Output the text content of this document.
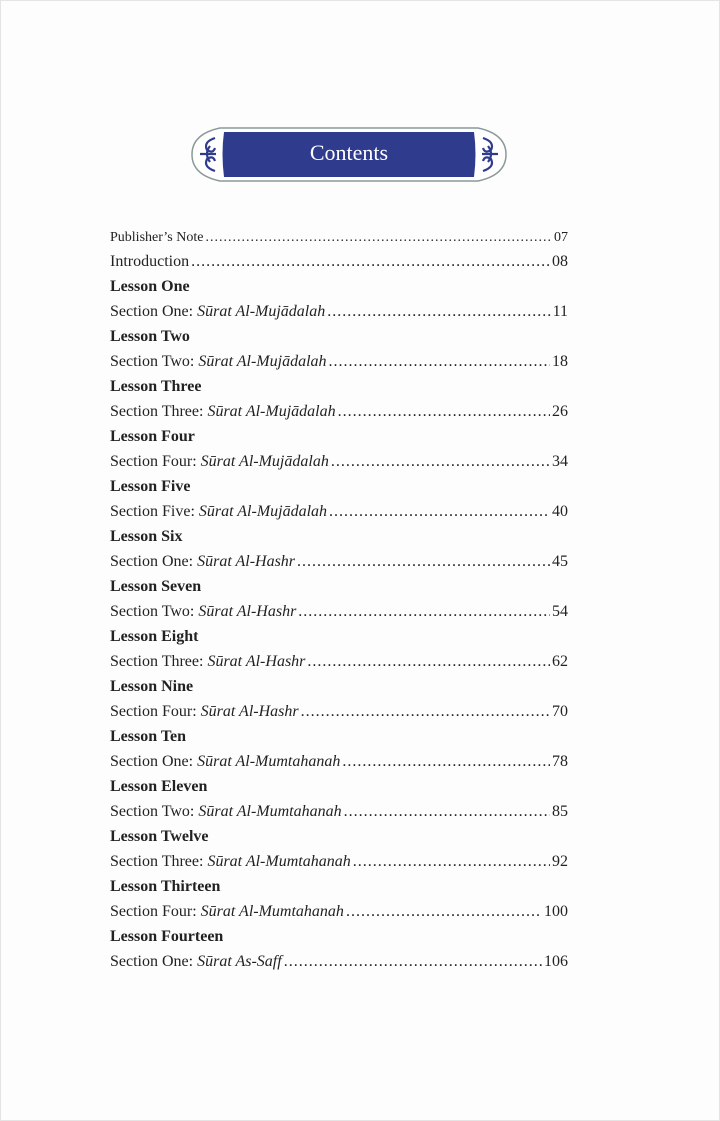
Contents
Publisher’s Note .....	07
Introduction .....	08
Lesson One
Section One: Sūrat Al-Mujādalah .....	11
Lesson Two
Section Two: Sūrat Al-Mujādalah .....	18
Lesson Three
Section Three: Sūrat Al-Mujādalah .....	26
Lesson Four
Section Four: Sūrat Al-Mujādalah .....	34
Lesson Five
Section Five: Sūrat Al-Mujādalah .....	40
Lesson Six
Section One: Sūrat Al-Hashr .....	45
Lesson Seven
Section Two: Sūrat Al-Hashr .....	54
Lesson Eight
Section Three: Sūrat Al-Hashr .....	62
Lesson Nine
Section Four: Sūrat Al-Hashr .....	70
Lesson Ten
Section One: Sūrat Al-Mumtahanah .....	78
Lesson Eleven
Section Two: Sūrat Al-Mumtahanah .....	85
Lesson Twelve
Section Three: Sūrat Al-Mumtahanah .....	92
Lesson Thirteen
Section Four: Sūrat Al-Mumtahanah .....	100
Lesson Fourteen
Section One: Sūrat As-Saff .....	106
